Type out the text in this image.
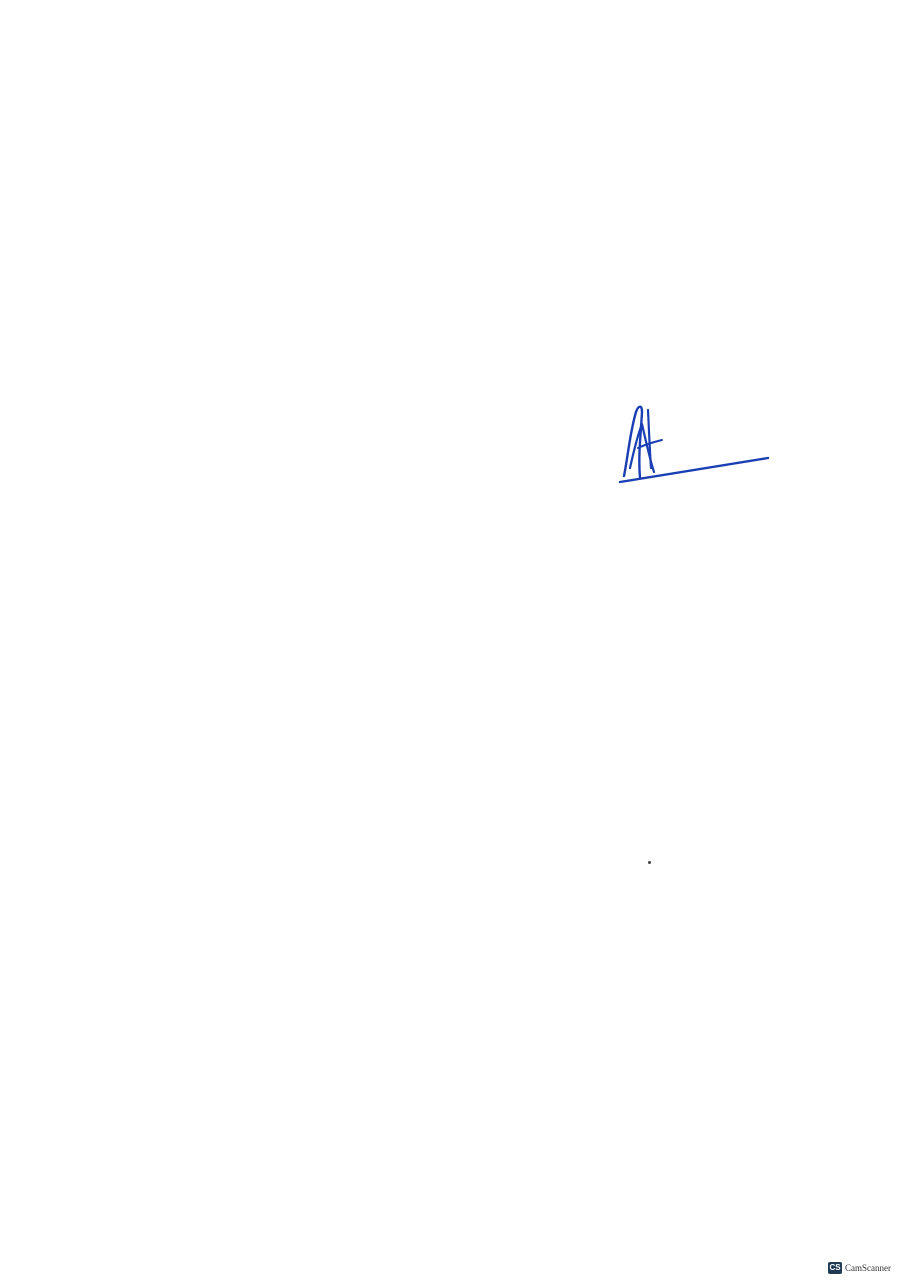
CS CamScanner
